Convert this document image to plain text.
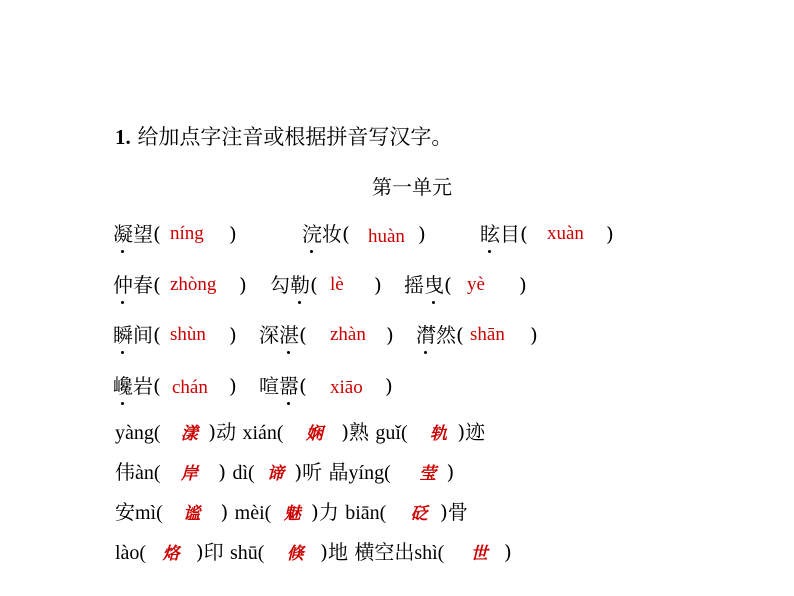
1. 给加点字注音或根据拼音写汉字。
第一单元
凝望( níng )	浣妆( huàn )	眩目( xuàn )
仲春( zhòng ) 勾勒( lè ) 摇曳( yè )
瞬间( shùn ) 深湛( zhàn ) 潸然( shān )
巉岩( chán ) 喧嚣( xiāo )
yàng( 漾 )动 xián( 娴 )熟 guǐ( 轨 )迹
伟àn( 岸 ) dì( 谛 )听 晶yíng( 莹 )
安mì( 谧 ) mèi( 魅 )力 biān( 砭 )骨
lào( 烙 )印 shū( 倏 )地 横空出shì( 世 )
